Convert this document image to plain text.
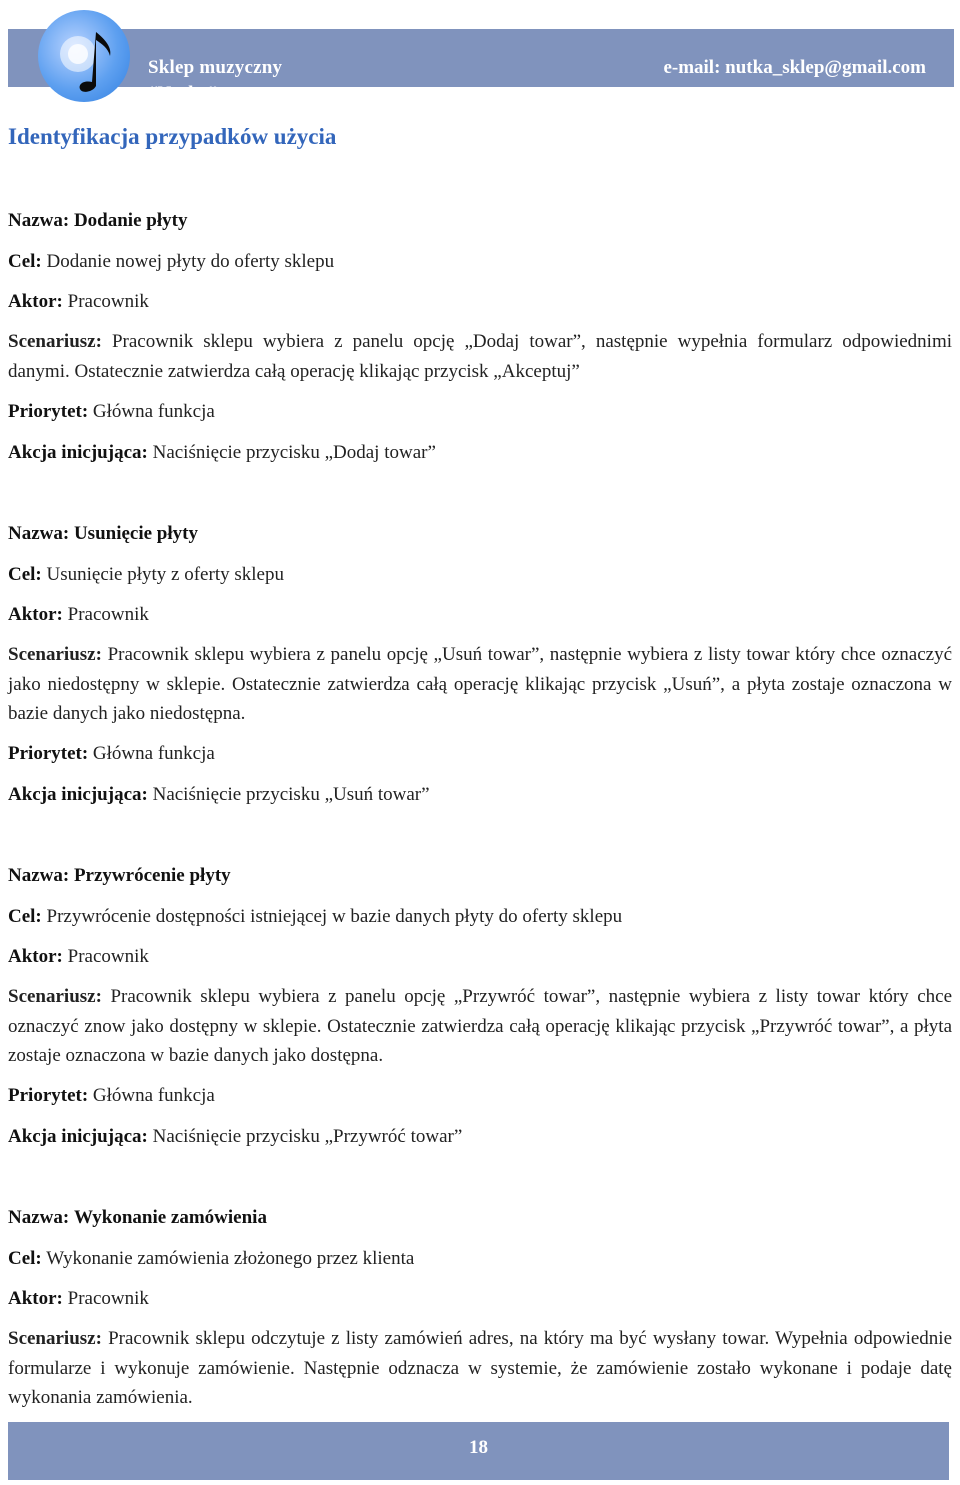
Sklep muzyczny
“Nutka”
e-mail: nutka_sklep@gmail.com
Identyfikacja przypadków użycia
Nazwa: Dodanie płyty
Cel: Dodanie nowej płyty do oferty sklepu
Aktor: Pracownik
Scenariusz: Pracownik sklepu wybiera z panelu opcję „Dodaj towar”, następnie wypełnia formularz odpowiednimi danymi. Ostatecznie zatwierdza całą operację klikając przycisk „Akceptuj”
Priorytet: Główna funkcja
Akcja inicjująca: Naciśnięcie przycisku „Dodaj towar”
Nazwa: Usunięcie płyty
Cel: Usunięcie płyty z oferty sklepu
Aktor: Pracownik
Scenariusz: Pracownik sklepu wybiera z panelu opcję „Usuń towar”, następnie wybiera z listy towar który chce oznaczyć jako niedostępny w sklepie. Ostatecznie zatwierdza całą operację klikając przycisk „Usuń”, a płyta zostaje oznaczona w bazie danych jako niedostępna.
Priorytet: Główna funkcja
Akcja inicjująca: Naciśnięcie przycisku „Usuń towar”
Nazwa: Przywrócenie płyty
Cel: Przywrócenie dostępności istniejącej w bazie danych płyty do oferty sklepu
Aktor: Pracownik
Scenariusz: Pracownik sklepu wybiera z panelu opcję „Przywróć towar”, następnie wybiera z listy towar który chce oznaczyć znow jako dostępny w sklepie. Ostatecznie zatwierdza całą operację klikając przycisk „Przywróć towar”, a płyta zostaje oznaczona w bazie danych jako dostępna.
Priorytet: Główna funkcja
Akcja inicjująca: Naciśnięcie przycisku „Przywróć towar”
Nazwa: Wykonanie zamówienia
Cel: Wykonanie zamówienia złożonego przez klienta
Aktor: Pracownik
Scenariusz: Pracownik sklepu odczytuje z listy zamówień adres, na który ma być wysłany towar. Wypełnia odpowiednie formularze i wykonuje zamówienie. Następnie odznacza w systemie, że zamówienie zostało wykonane i podaje datę wykonania zamówienia.
18
